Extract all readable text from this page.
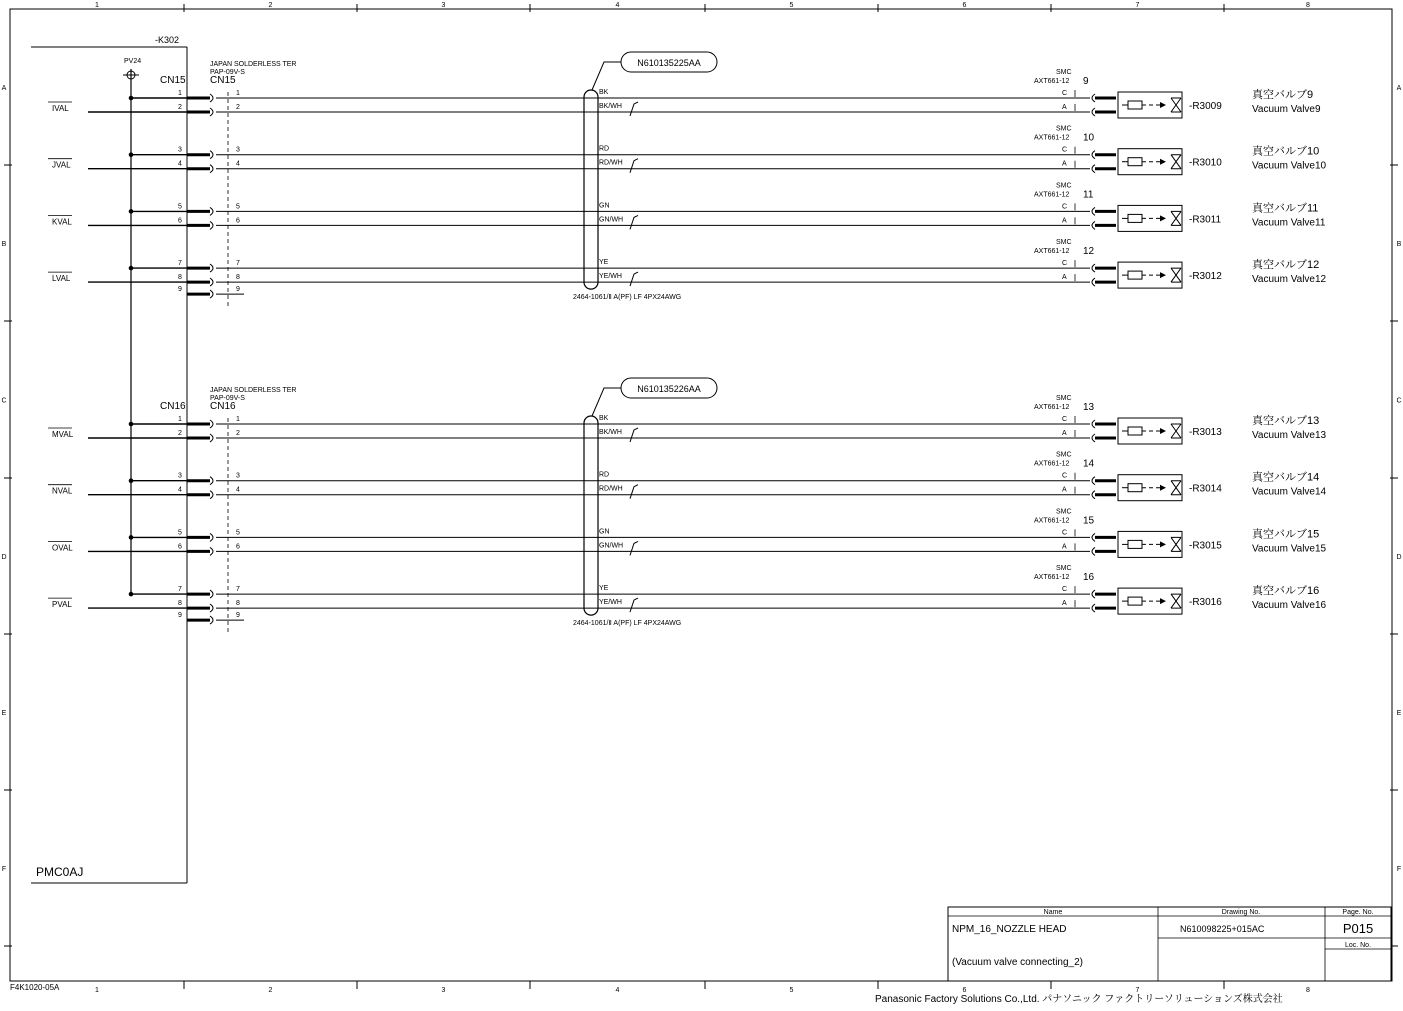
1
1
2
2
3
3
4
4
5
5
6
6
7
7
8
8
A	A
B	B
C	C
D	D
E	E
F	F
F4K1020-05A
-K302
PMC0AJ
PV24
CN15
JAPAN SOLDERLESS TER
PAP-09V-S
CN15
N610135225AA
2464-1061/Ⅱ A(PF) LF 4PX24AWG
IVAL
1
2
1
2
BK
BK/WH
SMC
AXT661-12 9
C
A	-R3009
真空バルブ9
Vacuum Valve9
JVAL
3
4
3
4
RD
RD/WH
SMC
AXT661-12 10
C
A	-R3010
真空バルブ10
Vacuum Valve10
KVAL
5
6
5
6
GN
GN/WH
SMC
AXT661-12 11
C
A	-R3011
真空バルブ11
Vacuum Valve11
LVAL
7
8
7
8
YE
YE/WH
SMC
AXT661-12 12
C
A	-R3012
真空バルブ12
Vacuum Valve12
9	9
CN16
JAPAN SOLDERLESS TER
PAP-09V-S
CN16
N610135226AA
2464-1061/Ⅱ A(PF) LF 4PX24AWG
MVAL
1
2
1
2
BK
BK/WH
SMC
AXT661-12 13
C
A	-R3013
真空バルブ13
Vacuum Valve13
NVAL
3
4
3
4
RD
RD/WH
SMC
AXT661-12 14
C
A	-R3014
真空バルブ14
Vacuum Valve14
OVAL
5
6
5
6
GN
GN/WH
SMC
AXT661-12 15
C
A	-R3015
真空バルブ15
Vacuum Valve15
PVAL
7
8
7
8
YE
YE/WH
SMC
AXT661-12 16
C
A	-R3016
真空バルブ16
Vacuum Valve16
9	9
Name	Drawing No.	Page. No.
NPM_16_NOZZLE HEAD
(Vacuum valve connecting_2)
N610098225+015AC	P015
Loc. No.
Panasonic Factory Solutions Co.,Ltd. パナソニック ファクトリーソリューションズ株式会社
